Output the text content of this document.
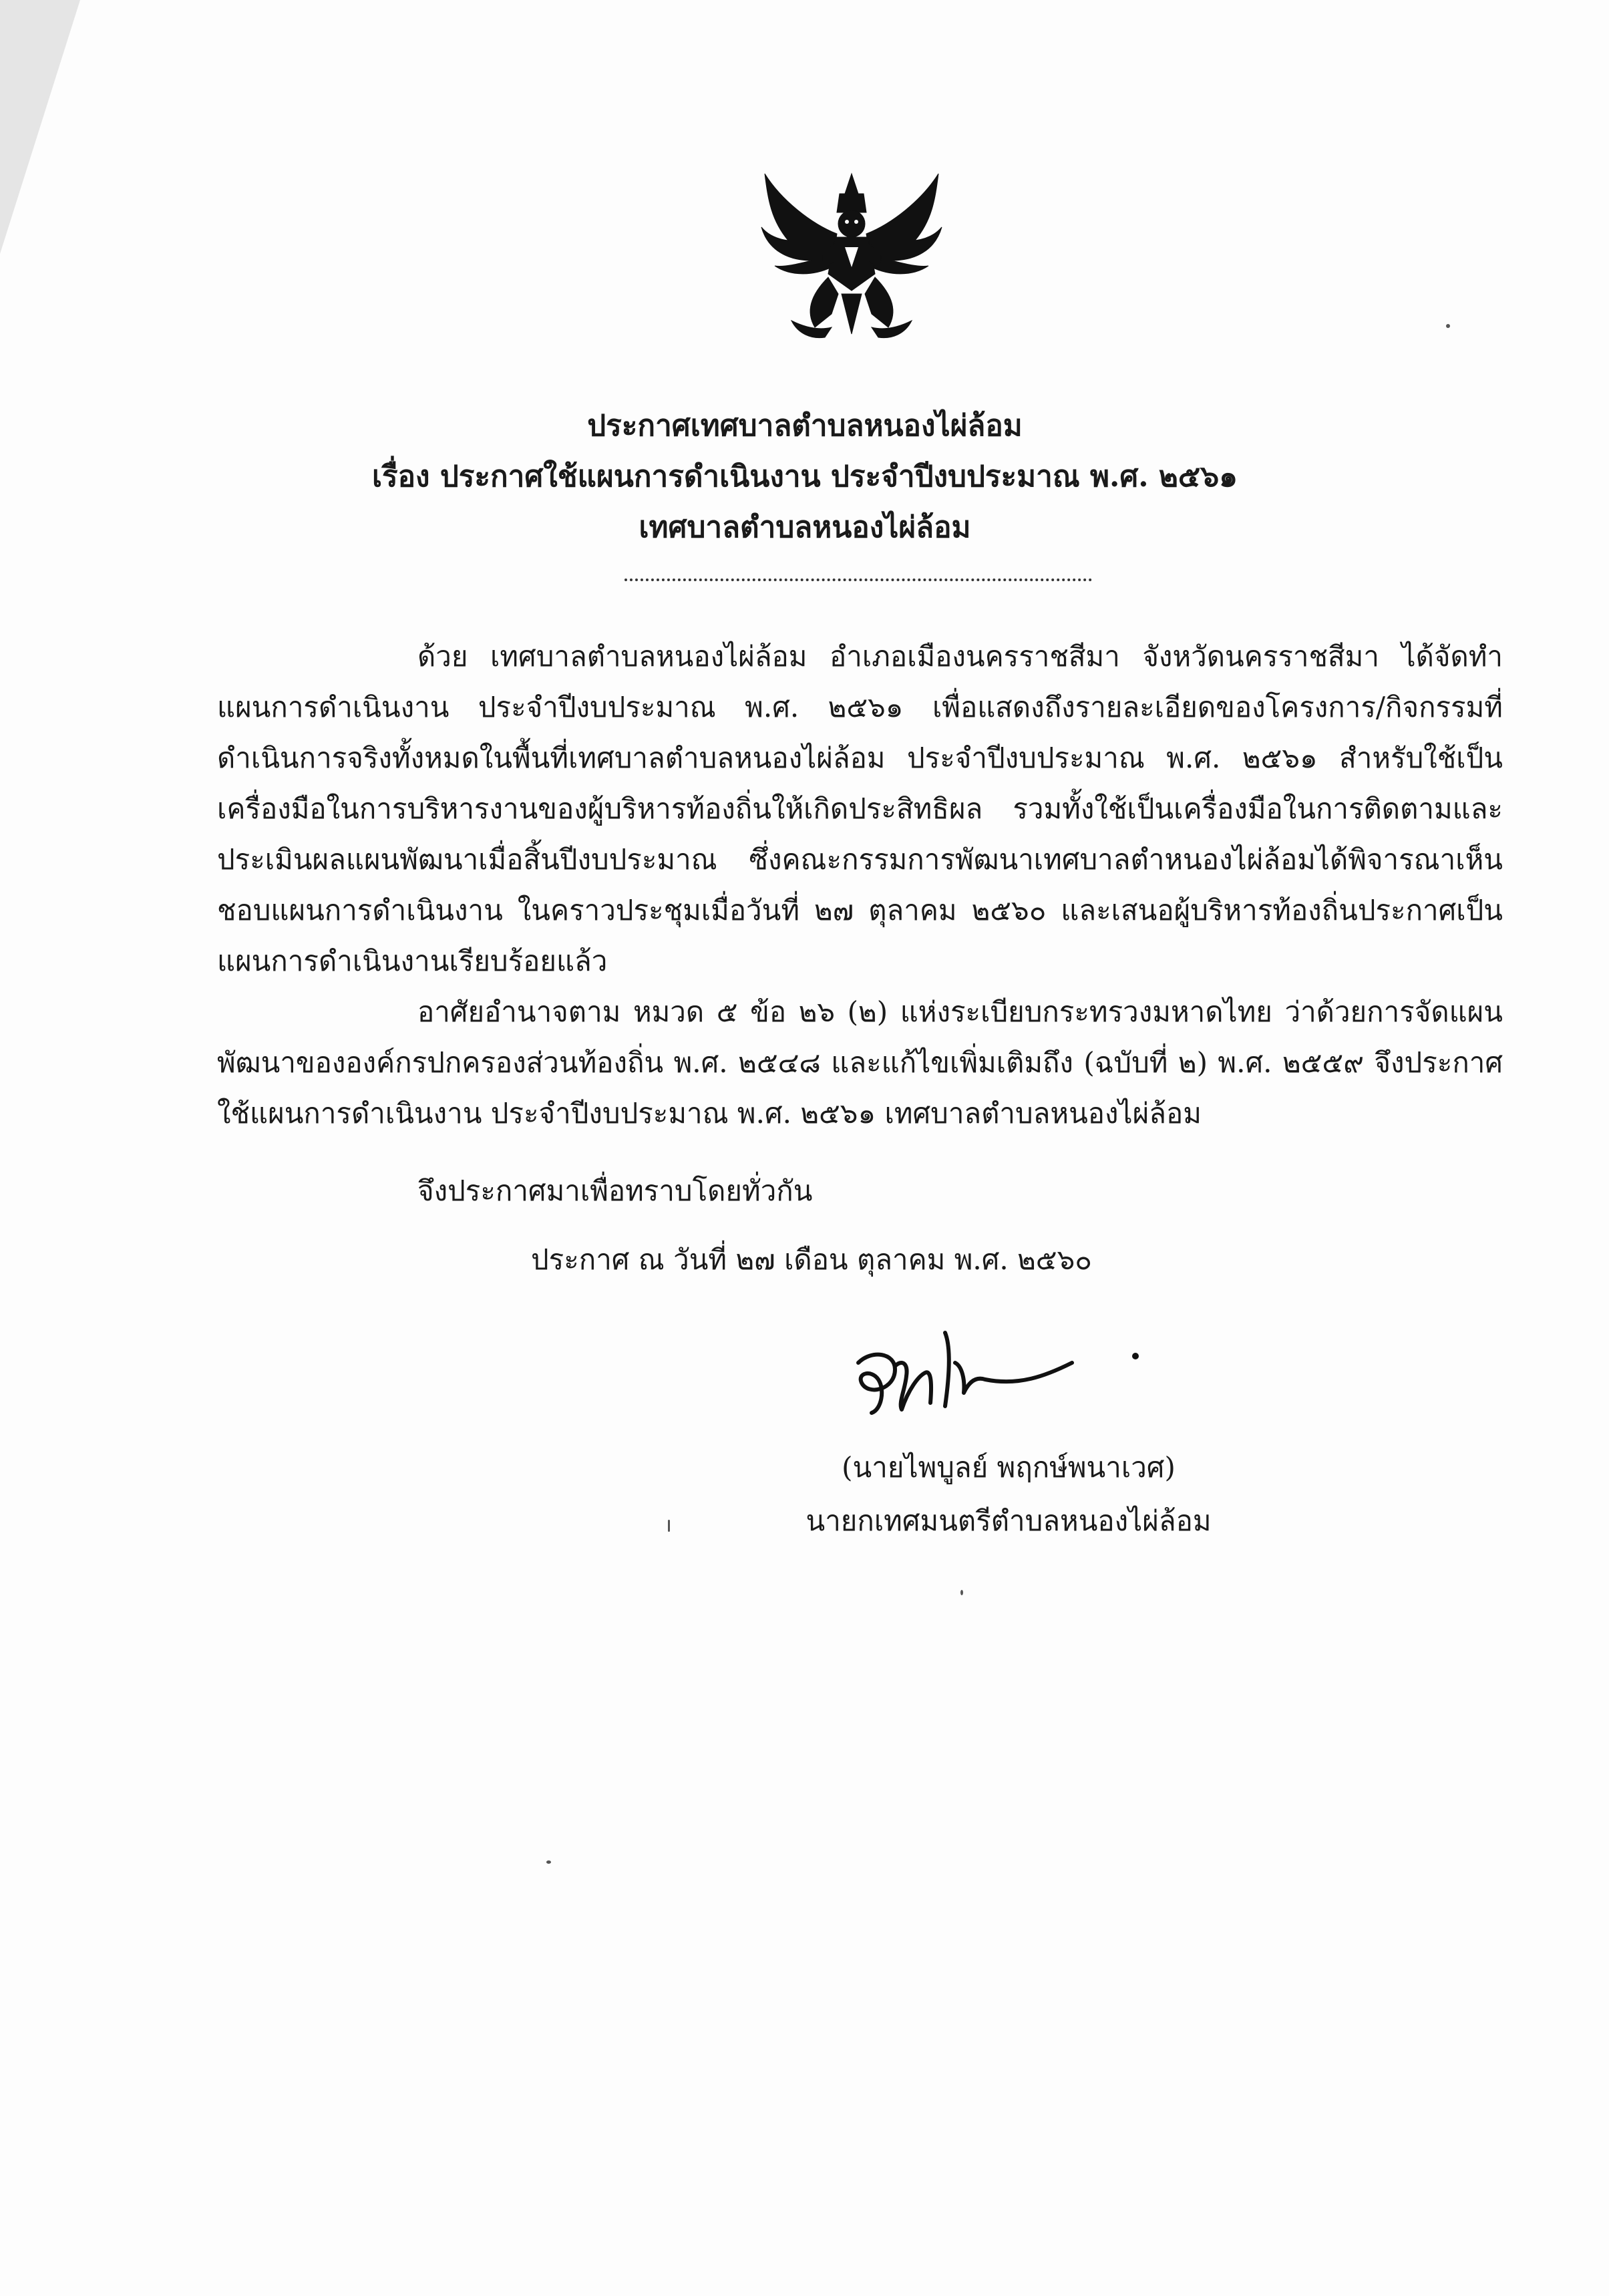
ประกาศเทศบาลตำบลหนองไผ่ล้อม
เรื่อง ประกาศใช้แผนการดำเนินงาน ประจำปีงบประมาณ พ.ศ. ๒๕๖๑
เทศบาลตำบลหนองไผ่ล้อม
ด้วย เทศบาลตำบลหนองไผ่ล้อม อำเภอเมืองนครราชสีมา จังหวัดนครราชสีมา ได้จัดทำแผนการดำเนินงาน ประจำปีงบประมาณ พ.ศ. ๒๕๖๑ เพื่อแสดงถึงรายละเอียดของโครงการ/กิจกรรมที่ดำเนินการจริงทั้งหมดในพื้นที่เทศบาลตำบลหนองไผ่ล้อม ประจำปีงบประมาณ พ.ศ. ๒๕๖๑ สำหรับใช้เป็นเครื่องมือในการบริหารงานของผู้บริหารท้องถิ่นให้เกิดประสิทธิผล รวมทั้งใช้เป็นเครื่องมือในการติดตามและประเมินผลแผนพัฒนาเมื่อสิ้นปีงบประมาณ ซึ่งคณะกรรมการพัฒนาเทศบาลตำหนองไผ่ล้อมได้พิจารณาเห็นชอบแผนการดำเนินงาน ในคราวประชุมเมื่อวันที่ ๒๗ ตุลาคม ๒๕๖๐ และเสนอผู้บริหารท้องถิ่นประกาศเป็นแผนการดำเนินงานเรียบร้อยแล้ว
อาศัยอำนาจตาม หมวด ๕ ข้อ ๒๖ (๒) แห่งระเบียบกระทรวงมหาดไทย ว่าด้วยการจัดแผนพัฒนาขององค์กรปกครองส่วนท้องถิ่น พ.ศ. ๒๕๔๘ และแก้ไขเพิ่มเติมถึง (ฉบับที่ ๒) พ.ศ. ๒๕๕๙ จึงประกาศใช้แผนการดำเนินงาน ประจำปีงบประมาณ พ.ศ. ๒๕๖๑ เทศบาลตำบลหนองไผ่ล้อม
จึงประกาศมาเพื่อทราบโดยทั่วกัน
ประกาศ ณ วันที่ ๒๗ เดือน ตุลาคม พ.ศ. ๒๕๖๐
(นายไพบูลย์ พฤกษ์พนาเวศ)
นายกเทศมนตรีตำบลหนองไผ่ล้อม
